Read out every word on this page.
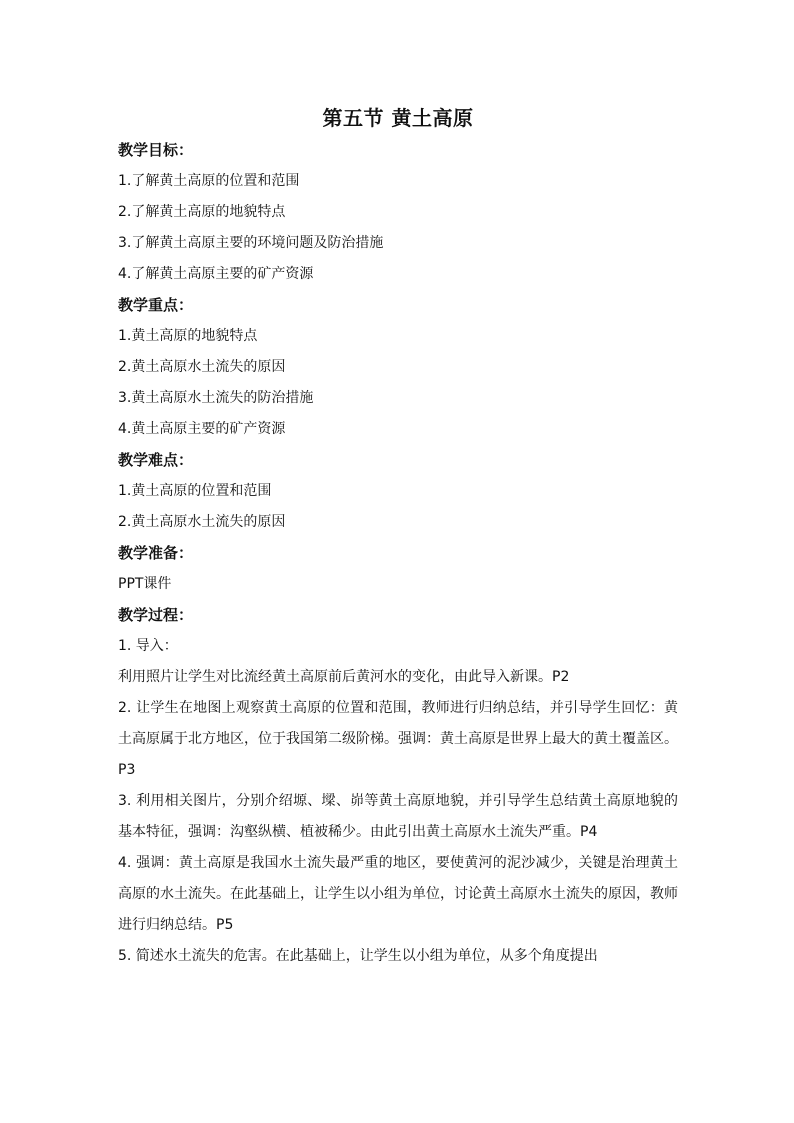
第五节 黄土高原

教学目标：

1.了解黄土高原的位置和范围
2.了解黄土高原的地貌特点
3.了解黄土高原主要的环境问题及防治措施
4.了解黄土高原主要的矿产资源

教学重点：

1.黄土高原的地貌特点
2.黄土高原水土流失的原因
3.黄土高原水土流失的防治措施
4.黄土高原主要的矿产资源

教学难点：

1.黄土高原的位置和范围
2.黄土高原水土流失的原因

教学准备：

PPT课件

教学过程：

1. 导入：

利用照片让学生对比流经黄土高原前后黄河水的变化，由此导入新课。P2

2. 让学生在地图上观察黄土高原的位置和范围，教师进行归纳总结，并引导学生回忆：黄土高原属于北方地区，位于我国第二级阶梯。强调：黄土高原是世界上最大的黄土覆盖区。P3

3. 利用相关图片，分别介绍塬、墚、峁等黄土高原地貌，并引导学生总结黄土高原地貌的基本特征，强调：沟壑纵横、植被稀少。由此引出黄土高原水土流失严重。P4

4. 强调：黄土高原是我国水土流失最严重的地区，要使黄河的泥沙减少，关键是治理黄土高原的水土流失。在此基础上，让学生以小组为单位，讨论黄土高原水土流失的原因，教师进行归纳总结。P5

5. 简述水土流失的危害。在此基础上，让学生以小组为单位，从多个角度提出
